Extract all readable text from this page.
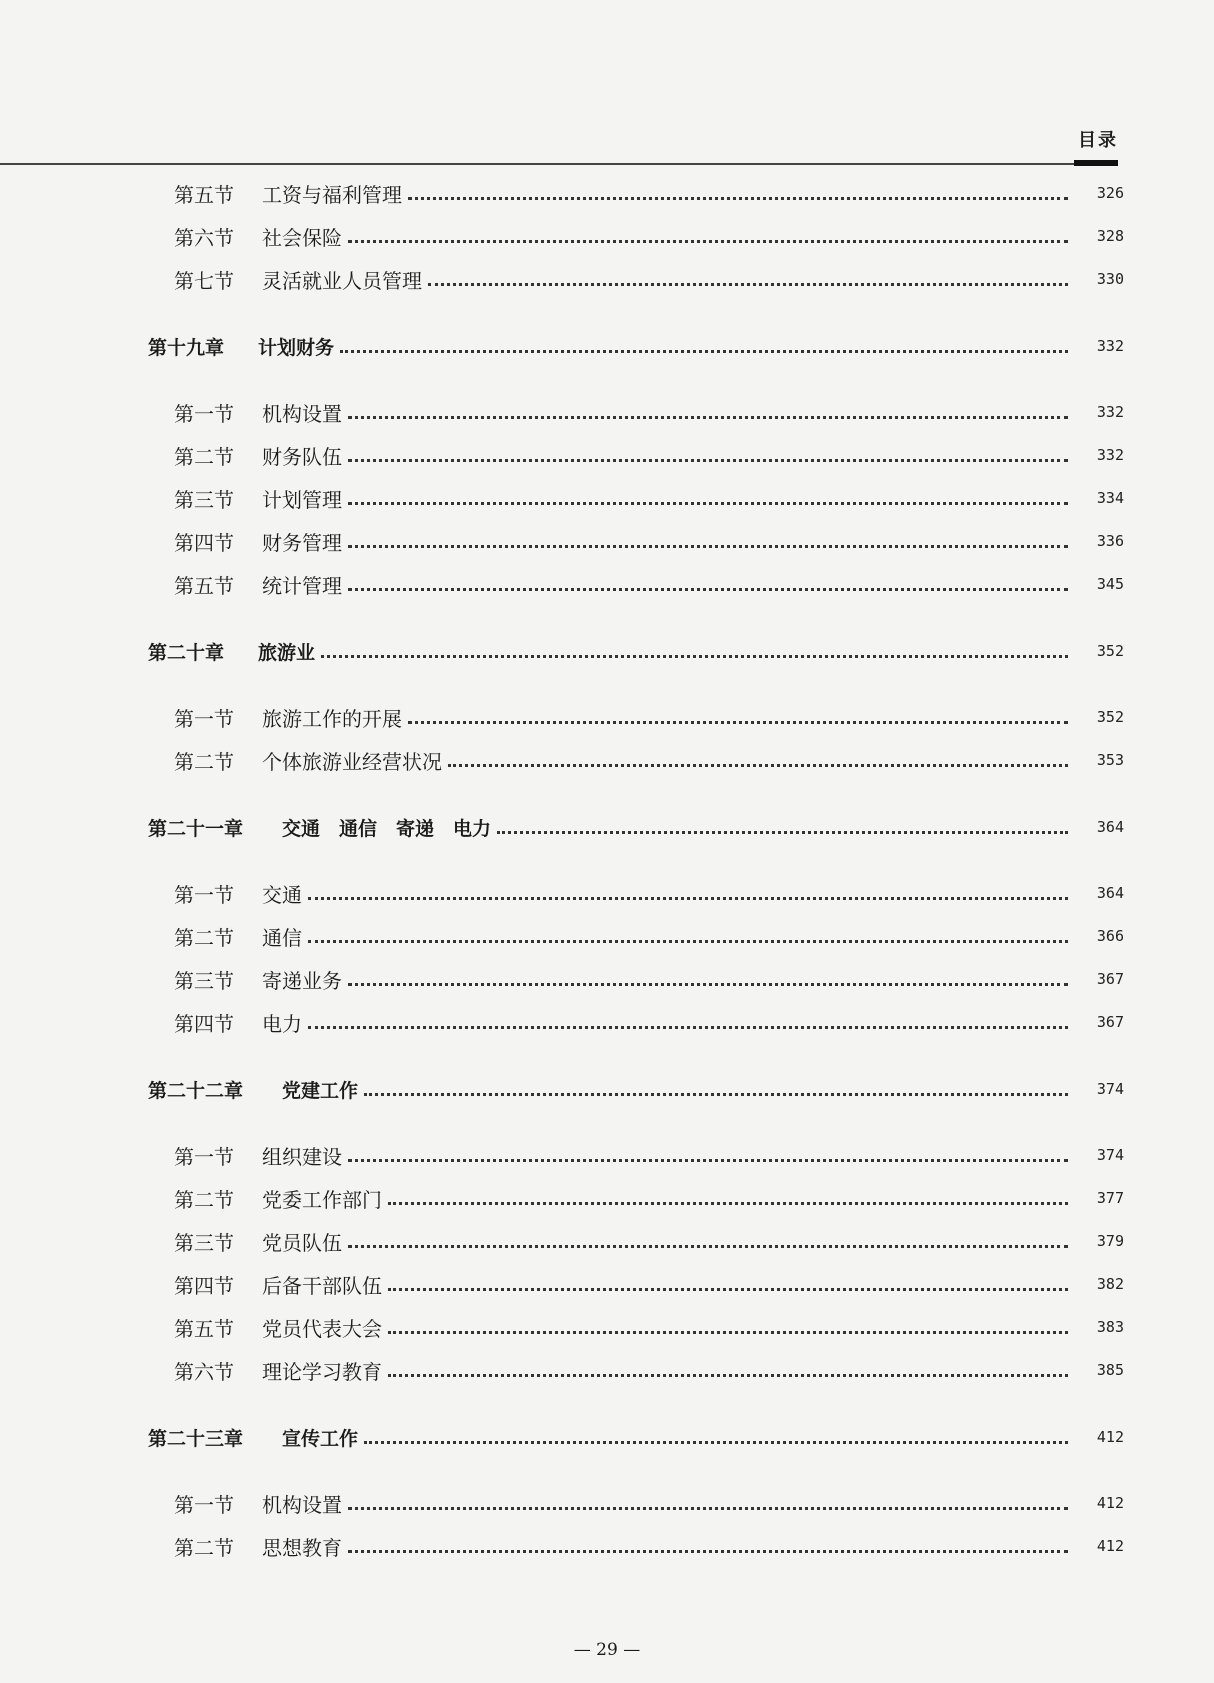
目录
第五节 工资与福利管理	326
第六节 社会保险	328
第七节 灵活就业人员管理	330
第十九章 计划财务	332
第一节 机构设置	332
第二节 财务队伍	332
第三节 计划管理	334
第四节 财务管理	336
第五节 统计管理	345
第二十章 旅游业	352
第一节 旅游工作的开展	352
第二节 个体旅游业经营状况	353
第二十一章 交通　通信　寄递　电力	364
第一节 交通	364
第二节 通信	366
第三节 寄递业务	367
第四节 电力	367
第二十二章 党建工作	374
第一节 组织建设	374
第二节 党委工作部门	377
第三节 党员队伍	379
第四节 后备干部队伍	382
第五节 党员代表大会	383
第六节 理论学习教育	385
第二十三章 宣传工作	412
第一节 机构设置	412
第二节 思想教育	412
— 29 —
